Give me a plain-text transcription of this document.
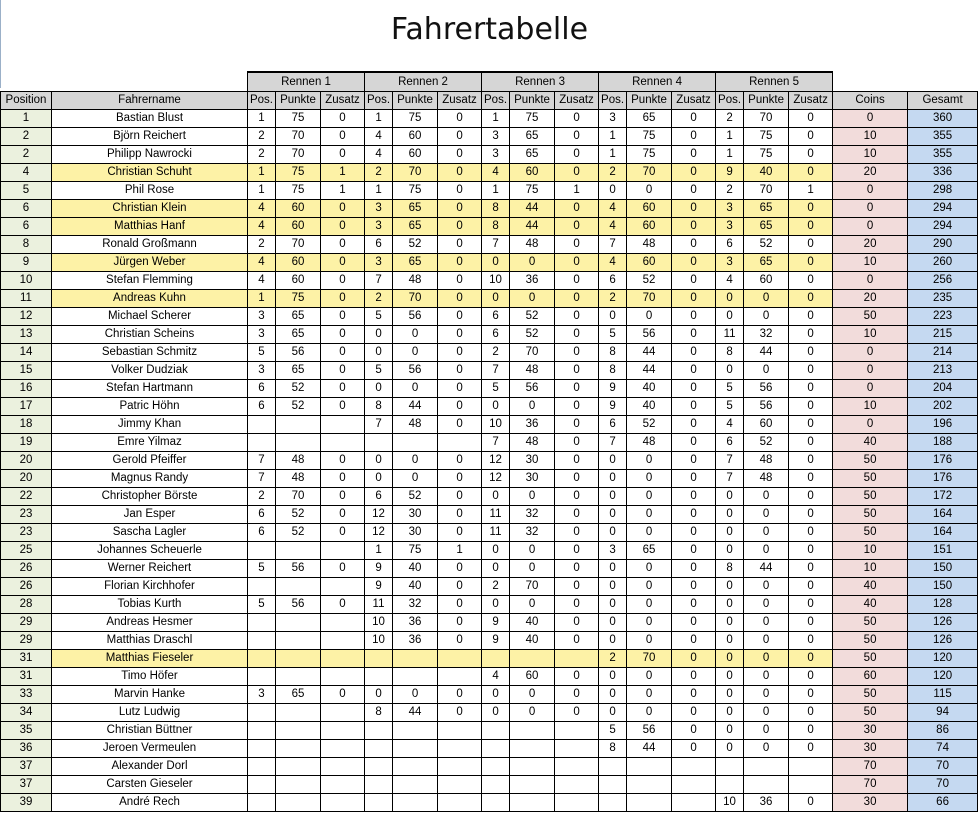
Fahrertabelle
		Rennen 1			Rennen 2			Rennen 3			Rennen 4			Rennen 5				
Position	Fahrername	Pos.	Punkte	Zusatz	Pos.	Punkte	Zusatz	Pos.	Punkte	Zusatz	Pos.	Punkte	Zusatz	Pos.	Punkte	Zusatz	Coins	Gesamt
1	Bastian Blust	1	75	0	1	75	0	1	75	0	3	65	0	2	70	0	0	360
2	Björn Reichert	2	70	0	4	60	0	3	65	0	1	75	0	1	75	0	10	355
2	Philipp Nawrocki	2	70	0	4	60	0	3	65	0	1	75	0	1	75	0	10	355
4	Christian Schuht	1	75	1	2	70	0	4	60	0	2	70	0	9	40	0	20	336
5	Phil Rose	1	75	1	1	75	0	1	75	1	0	0	0	2	70	1	0	298
6	Christian Klein	4	60	0	3	65	0	8	44	0	4	60	0	3	65	0	0	294
6	Matthias Hanf	4	60	0	3	65	0	8	44	0	4	60	0	3	65	0	0	294
8	Ronald Großmann	2	70	0	6	52	0	7	48	0	7	48	0	6	52	0	20	290
9	Jürgen Weber	4	60	0	3	65	0	0	0	0	4	60	0	3	65	0	10	260
10	Stefan Flemming	4	60	0	7	48	0	10	36	0	6	52	0	4	60	0	0	256
11	Andreas Kuhn	1	75	0	2	70	0	0	0	0	2	70	0	0	0	0	20	235
12	Michael Scherer	3	65	0	5	56	0	6	52	0	0	0	0	0	0	0	50	223
13	Christian Scheins	3	65	0	0	0	0	6	52	0	5	56	0	11	32	0	10	215
14	Sebastian Schmitz	5	56	0	0	0	0	2	70	0	8	44	0	8	44	0	0	214
15	Volker Dudziak	3	65	0	5	56	0	7	48	0	8	44	0	0	0	0	0	213
16	Stefan Hartmann	6	52	0	0	0	0	5	56	0	9	40	0	5	56	0	0	204
17	Patric Höhn	6	52	0	8	44	0	0	0	0	9	40	0	5	56	0	10	202
18	Jimmy Khan				7	48	0	10	36	0	6	52	0	4	60	0	0	196
19	Emre Yilmaz							7	48	0	7	48	0	6	52	0	40	188
20	Gerold Pfeiffer	7	48	0	0	0	0	12	30	0	0	0	0	7	48	0	50	176
20	Magnus Randy	7	48	0	0	0	0	12	30	0	0	0	0	7	48	0	50	176
22	Christopher Börste	2	70	0	6	52	0	0	0	0	0	0	0	0	0	0	50	172
23	Jan Esper	6	52	0	12	30	0	11	32	0	0	0	0	0	0	0	50	164
23	Sascha Lagler	6	52	0	12	30	0	11	32	0	0	0	0	0	0	0	50	164
25	Johannes Scheuerle				1	75	1	0	0	0	3	65	0	0	0	0	10	151
26	Werner Reichert	5	56	0	9	40	0	0	0	0	0	0	0	8	44	0	10	150
26	Florian Kirchhofer				9	40	0	2	70	0	0	0	0	0	0	0	40	150
28	Tobias Kurth	5	56	0	11	32	0	0	0	0	0	0	0	0	0	0	40	128
29	Andreas Hesmer				10	36	0	9	40	0	0	0	0	0	0	0	50	126
29	Matthias Draschl				10	36	0	9	40	0	0	0	0	0	0	0	50	126
31	Matthias Fieseler										2	70	0	0	0	0	50	120
31	Timo Höfer							4	60	0	0	0	0	0	0	0	60	120
33	Marvin Hanke	3	65	0	0	0	0	0	0	0	0	0	0	0	0	0	50	115
34	Lutz Ludwig				8	44	0	0	0	0	0	0	0	0	0	0	50	94
35	Christian Büttner										5	56	0	0	0	0	30	86
36	Jeroen Vermeulen										8	44	0	0	0	0	30	74
37	Alexander Dorl																70	70
37	Carsten Gieseler																70	70
39	André Rech													10	36	0	30	66
